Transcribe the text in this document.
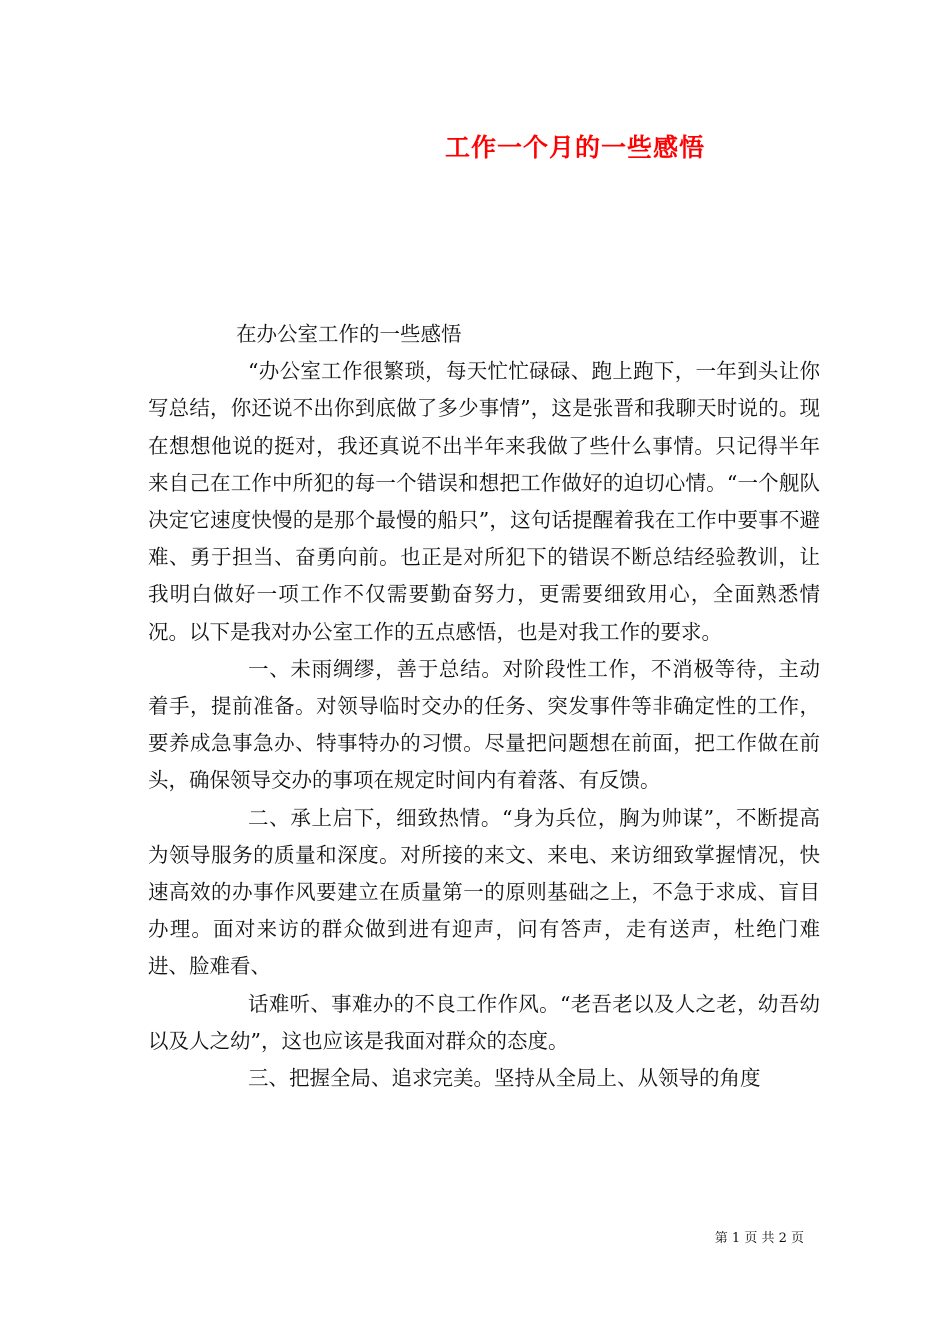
工作一个月的一些感悟

在办公室工作的一些感悟

“办公室工作很繁琐，每天忙忙碌碌、跑上跑下，一年到头让你写总结，你还说不出你到底做了多少事情”，这是张晋和我聊天时说的。现在想想他说的挺对，我还真说不出半年来我做了些什么事情。只记得半年来自己在工作中所犯的每一个错误和想把工作做好的迫切心情。“一个舰队决定它速度快慢的是那个最慢的船只”，这句话提醒着我在工作中要事不避难、勇于担当、奋勇向前。也正是对所犯下的错误不断总结经验教训，让我明白做好一项工作不仅需要勤奋努力，更需要细致用心，全面熟悉情况。以下是我对办公室工作的五点感悟，也是对我工作的要求。

一、未雨绸缪，善于总结。对阶段性工作，不消极等待，主动着手，提前准备。对领导临时交办的任务、突发事件等非确定性的工作，要养成急事急办、特事特办的习惯。尽量把问题想在前面，把工作做在前头，确保领导交办的事项在规定时间内有着落、有反馈。

二、承上启下，细致热情。“身为兵位，胸为帅谋”，不断提高为领导服务的质量和深度。对所接的来文、来电、来访细致掌握情况，快速高效的办事作风要建立在质量第一的原则基础之上，不急于求成、盲目办理。面对来访的群众做到进有迎声，问有答声，走有送声，杜绝门难进、脸难看、

话难听、事难办的不良工作作风。“老吾老以及人之老，幼吾幼以及人之幼”，这也应该是我面对群众的态度。

三、把握全局、追求完美。坚持从全局上、从领导的角度

第 1 页 共 2 页
